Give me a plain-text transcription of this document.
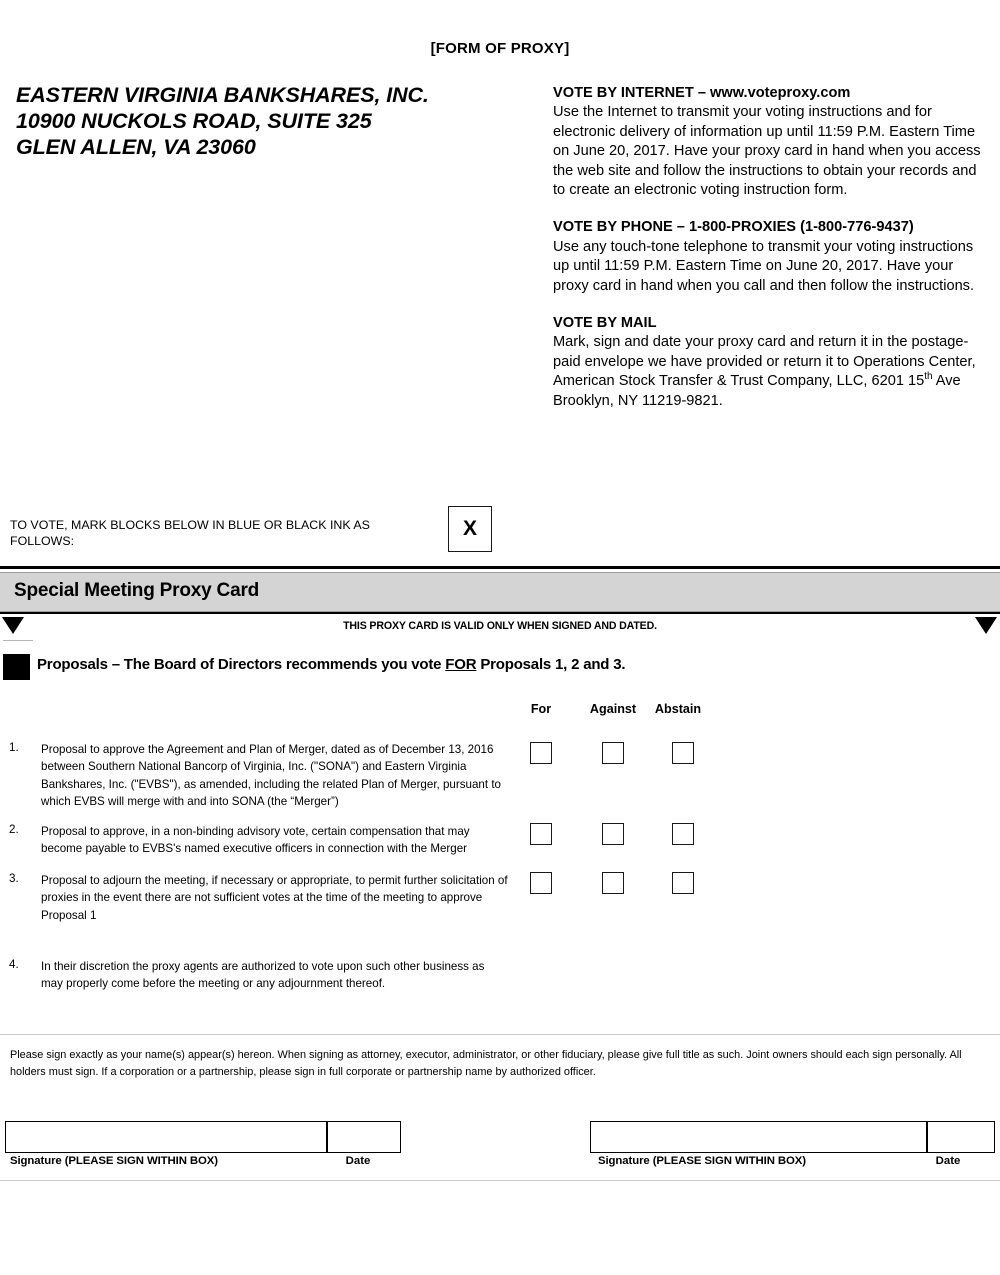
[FORM OF PROXY]
EASTERN VIRGINIA BANKSHARES, INC.
10900 NUCKOLS ROAD, SUITE 325
GLEN ALLEN, VA 23060
VOTE BY INTERNET – www.voteproxy.com
Use the Internet to transmit your voting instructions and for electronic delivery of information up until 11:59 P.M. Eastern Time on June 20, 2017. Have your proxy card in hand when you access the web site and follow the instructions to obtain your records and to create an electronic voting instruction form.
VOTE BY PHONE – 1-800-PROXIES (1-800-776-9437)
Use any touch-tone telephone to transmit your voting instructions up until 11:59 P.M. Eastern Time on June 20, 2017. Have your proxy card in hand when you call and then follow the instructions.
VOTE BY MAIL
Mark, sign and date your proxy card and return it in the postage-paid envelope we have provided or return it to Operations Center, American Stock Transfer & Trust Company, LLC, 6201 15th Ave Brooklyn, NY 11219-9821.
TO VOTE, MARK BLOCKS BELOW IN BLUE OR BLACK INK AS FOLLOWS:
X
Special Meeting Proxy Card
THIS PROXY CARD IS VALID ONLY WHEN SIGNED AND DATED.
Proposals – The Board of Directors recommends you vote FOR Proposals 1, 2 and 3.
For	Against	Abstain
1. Proposal to approve the Agreement and Plan of Merger, dated as of December 13, 2016 between Southern National Bancorp of Virginia, Inc. ("SONA") and Eastern Virginia Bankshares, Inc. ("EVBS"), as amended, including the related Plan of Merger, pursuant to which EVBS will merge with and into SONA (the “Merger”)
2. Proposal to approve, in a non-binding advisory vote, certain compensation that may become payable to EVBS's named executive officers in connection with the Merger
3. Proposal to adjourn the meeting, if necessary or appropriate, to permit further solicitation of proxies in the event there are not sufficient votes at the time of the meeting to approve Proposal 1
4. In their discretion the proxy agents are authorized to vote upon such other business as may properly come before the meeting or any adjournment thereof.
Please sign exactly as your name(s) appear(s) hereon. When signing as attorney, executor, administrator, or other fiduciary, please give full title as such. Joint owners should each sign personally. All holders must sign. If a corporation or a partnership, please sign in full corporate or partnership name by authorized officer.
Signature (PLEASE SIGN WITHIN BOX)	Date	Signature (PLEASE SIGN WITHIN BOX)	Date
